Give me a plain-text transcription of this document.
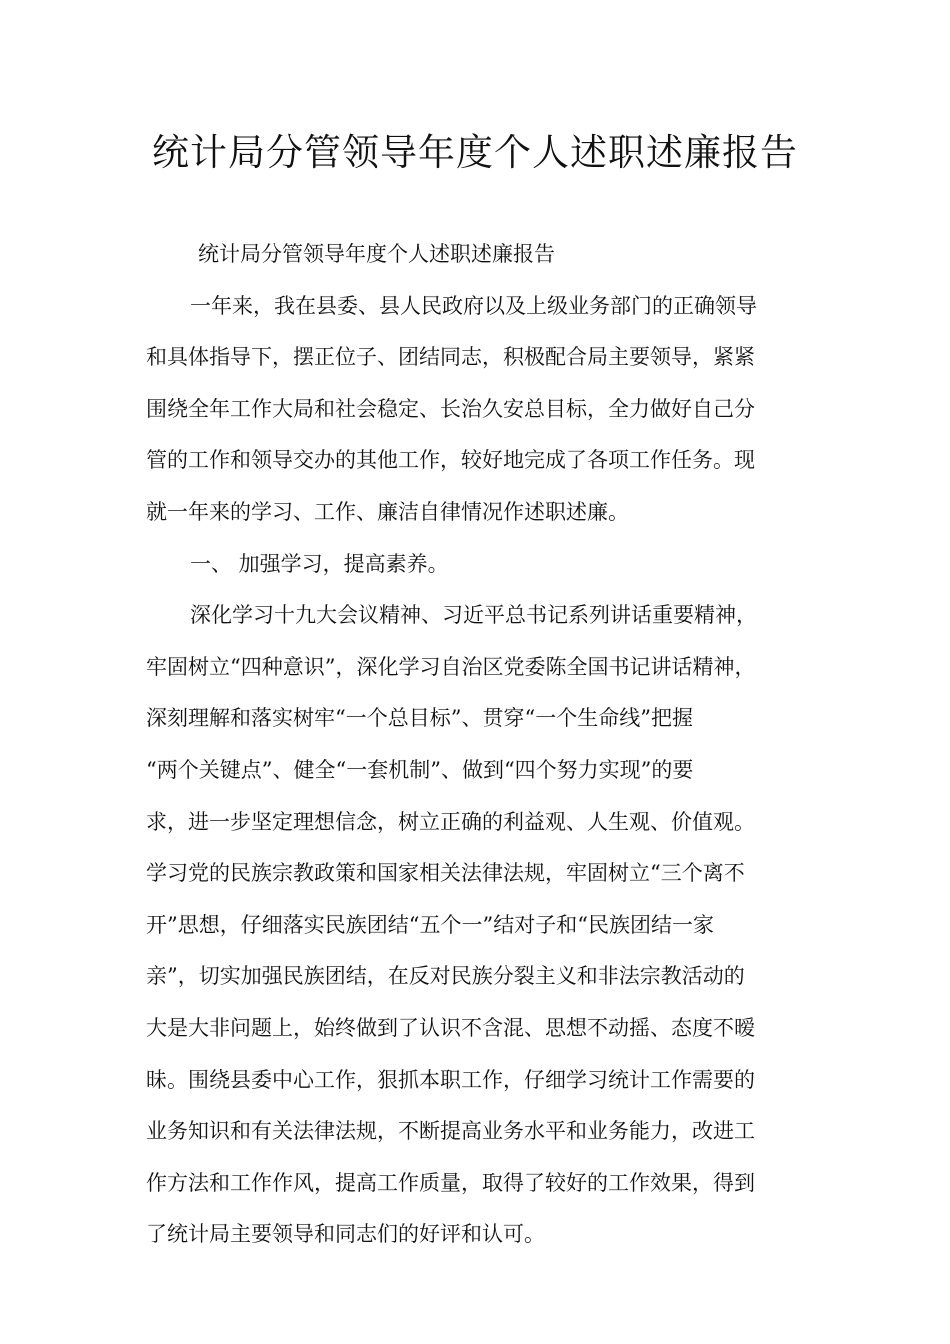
统计局分管领导年度个人述职述廉报告
统计局分管领导年度个人述职述廉报告
一年来，我在县委、县人民政府以及上级业务部门的正确领导
和具体指导下，摆正位子、团结同志，积极配合局主要领导，紧紧
围绕全年工作大局和社会稳定、长治久安总目标，全力做好自己分
管的工作和领导交办的其他工作，较好地完成了各项工作任务。现
就一年来的学习、工作、廉洁自律情况作述职述廉。
一、 加强学习，提高素养。
深化学习十九大会议精神、习近平总书记系列讲话重要精神，
牢固树立“四种意识”，深化学习自治区党委陈全国书记讲话精神，
深刻理解和落实树牢“一个总目标”、贯穿“一个生命线”把握
“两个关键点”、健全“一套机制”、做到“四个努力实现”的要
求，进一步坚定理想信念，树立正确的利益观、人生观、价值观。
学习党的民族宗教政策和国家相关法律法规，牢固树立“三个离不
开”思想，仔细落实民族团结“五个一”结对子和“民族团结一家
亲”，切实加强民族团结，在反对民族分裂主义和非法宗教活动的
大是大非问题上，始终做到了认识不含混、思想不动摇、态度不暧
昧。围绕县委中心工作，狠抓本职工作，仔细学习统计工作需要的
业务知识和有关法律法规，不断提高业务水平和业务能力，改进工
作方法和工作作风，提高工作质量，取得了较好的工作效果，得到
了统计局主要领导和同志们的好评和认可。
